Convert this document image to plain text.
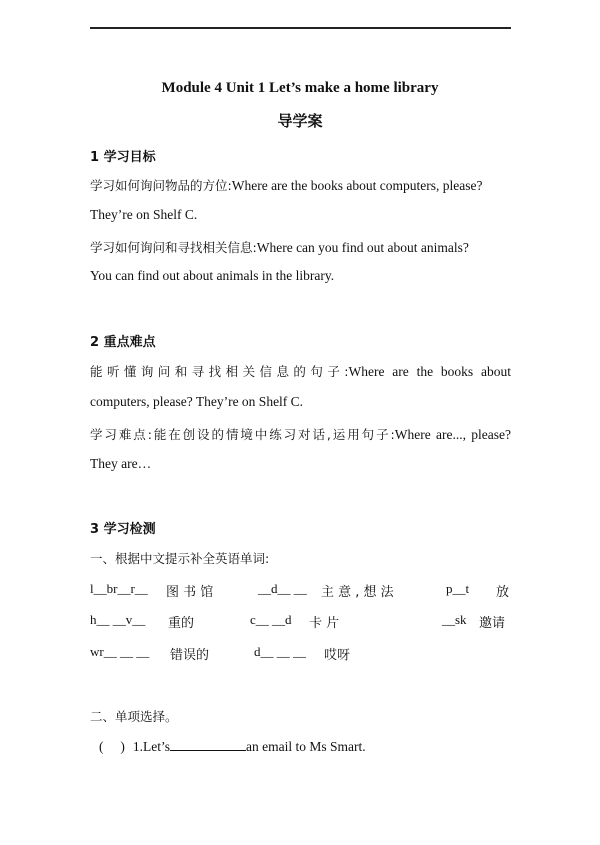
Module 4 Unit 1 Let’s make a home library
导学案
1 学习目标
学习如何询问物品的方位:Where are the books about computers, please?
They’re on Shelf C.
学习如何询问和寻找相关信息:Where can you find out about animals?
You can find out about animals in the library.
2 重点难点
能听懂询问和寻找相关信息的句子:Where are the books about
computers, please? They’re on Shelf C.
学习难点:能在创设的情境中练习对话,运用句子:Where are..., please?
They are…
3 学习检测
一、根据中文提示补全英语单词:
l__br__r__ 图 书 馆	__d__ __ 主 意 , 想 法	p__t 放
h__ __v__ 重的	c__ __d 卡 片	__sk 邀请
wr__ __ __ 错误的	d__ __ __ 哎呀
二、单项选择。
(     ) 1.Let’s	an email to Ms Smart.
